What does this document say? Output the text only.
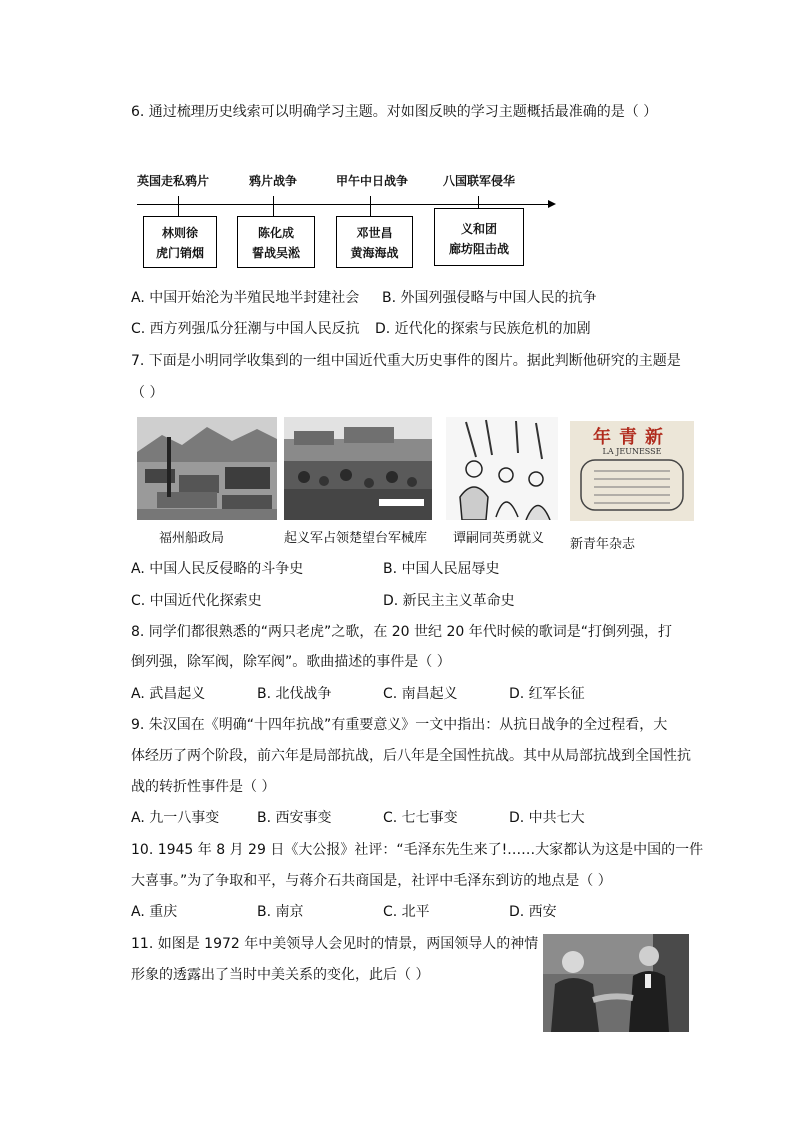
6. 通过梳理历史线索可以明确学习主题。对如图反映的学习主题概括最准确的是（ ）
英国走私鸦片	鸦片战争	甲午中日战争	八国联军侵华
林则徐
虎门销烟
陈化成
誓战吴淞
邓世昌
黄海海战
义和团
廊坊阻击战
A. 中国开始沦为半殖民地半封建社会 B. 外国列强侵略与中国人民的抗争
C. 西方列强瓜分狂潮与中国人民反抗 D. 近代化的探索与民族危机的加剧
7. 下面是小明同学收集到的一组中国近代重大历史事件的图片。据此判断他研究的主题是
（ ）
年青新
LA JEUNESSE
福州船政局	起义军占领楚望台军械库 谭嗣同英勇就义 新青年杂志
A. 中国人民反侵略的斗争史	B. 中国人民屈辱史
C. 中国近代化探索史	D. 新民主主义革命史
8. 同学们都很熟悉的“两只老虎”之歌，在 20 世纪 20 年代时候的歌词是“打倒列强，打
倒列强，除军阀，除军阀”。歌曲描述的事件是（ ）
A. 武昌起义	B. 北伐战争	C. 南昌起义	D. 红军长征
9. 朱汉国在《明确“十四年抗战”有重要意义》一文中指出：从抗日战争的全过程看，大
体经历了两个阶段，前六年是局部抗战，后八年是全国性抗战。其中从局部抗战到全国性抗
战的转折性事件是（ ）
A. 九一八事变	B. 西安事变	C. 七七事变	D. 中共七大
10. 1945 年 8 月 29 日《大公报》社评：“毛泽东先生来了!……大家都认为这是中国的一件
大喜事。”为了争取和平，与蒋介石共商国是，社评中毛泽东到访的地点是（ ）
A. 重庆	B. 南京	C. 北平	D. 西安
11. 如图是 1972 年中美领导人会见时的情景，两国领导人的神情
形象的透露出了当时中美关系的变化，此后（ ）
